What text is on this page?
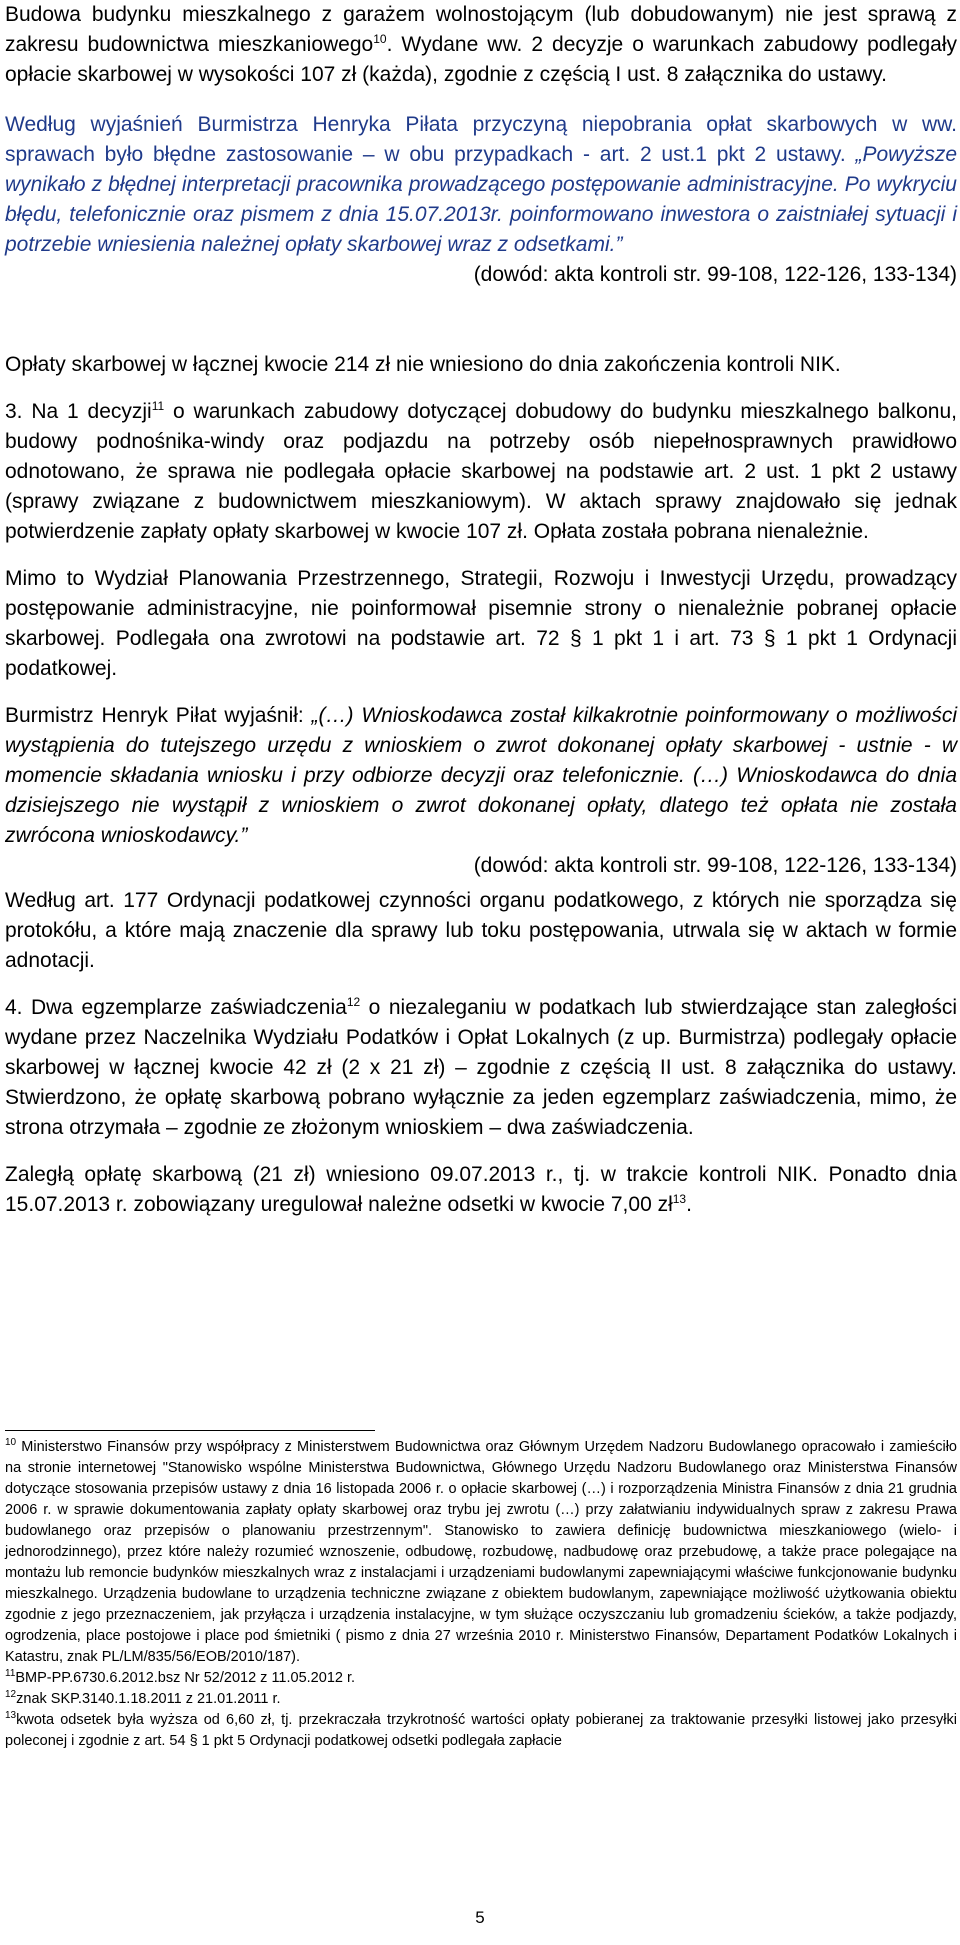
Budowa budynku mieszkalnego z garażem wolnostojącym (lub dobudowanym) nie jest sprawą z zakresu budownictwa mieszkaniowego$^{10}$. Wydane ww. 2 decyzje o warunkach zabudowy podlegały opłacie skarbowej w wysokości 107 zł (każda), zgodnie z częścią I ust. 8 załącznika do ustawy.

Według wyjaśnień Burmistrza Henryka Piłata przyczyną niepobrania opłat skarbowych w ww. sprawach było błędne zastosowanie – w obu przypadkach - art. 2 ust.1 pkt 2 ustawy. „Powyższe wynikało z błędnej interpretacji pracownika prowadzącego postępowanie administracyjne. Po wykryciu błędu, telefonicznie oraz pismem z dnia 15.07.2013r. poinformowano inwestora o zaistniałej sytuacji i potrzebie wniesienia należnej opłaty skarbowej wraz z odsetkami.”
(dowód: akta kontroli str. 99-108, 122-126, 133-134)

Opłaty skarbowej w łącznej kwocie 214 zł nie wniesiono do dnia zakończenia kontroli NIK.

3. Na 1 decyzji$^{11}$ o warunkach zabudowy dotyczącej dobudowy do budynku mieszkalnego balkonu, budowy podnośnika-windy oraz podjazdu na potrzeby osób niepełnosprawnych prawidłowo odnotowano, że sprawa nie podlegała opłacie skarbowej na podstawie art. 2 ust. 1 pkt 2 ustawy (sprawy związane z budownictwem mieszkaniowym). W aktach sprawy znajdowało się jednak potwierdzenie zapłaty opłaty skarbowej w kwocie 107 zł. Opłata została pobrana nienależnie.

Mimo to Wydział Planowania Przestrzennego, Strategii, Rozwoju i Inwestycji Urzędu, prowadzący postępowanie administracyjne, nie poinformował pisemnie strony o nienależnie pobranej opłacie skarbowej. Podlegała ona zwrotowi na podstawie art. 72 § 1 pkt 1 i art. 73 § 1 pkt 1 Ordynacji podatkowej.

Burmistrz Henryk Piłat wyjaśnił: „(…) Wnioskodawca został kilkakrotnie poinformowany o możliwości wystąpienia do tutejszego urzędu z wnioskiem o zwrot dokonanej opłaty skarbowej - ustnie - w momencie składania wniosku i przy odbiorze decyzji oraz telefonicznie. (…) Wnioskodawca do dnia dzisiejszego nie wystąpił z wnioskiem o zwrot dokonanej opłaty, dlatego też opłata nie została zwrócona wnioskodawcy.”
(dowód: akta kontroli str. 99-108, 122-126, 133-134)

Według art. 177 Ordynacji podatkowej czynności organu podatkowego, z których nie sporządza się protokółu, a które mają znaczenie dla sprawy lub toku postępowania, utrwala się w aktach w formie adnotacji.

4. Dwa egzemplarze zaświadczenia$^{12}$ o niezaleganiu w podatkach lub stwierdzające stan zaległości wydane przez Naczelnika Wydziału Podatków i Opłat Lokalnych (z up. Burmistrza) podlegały opłacie skarbowej w łącznej kwocie 42 zł (2 x 21 zł) – zgodnie z częścią II ust. 8 załącznika do ustawy. Stwierdzono, że opłatę skarbową pobrano wyłącznie za jeden egzemplarz zaświadczenia, mimo, że strona otrzymała – zgodnie ze złożonym wnioskiem – dwa zaświadczenia.

Zaległą opłatę skarbową (21 zł) wniesiono 09.07.2013 r., tj. w trakcie kontroli NIK. Ponadto dnia 15.07.2013 r. zobowiązany uregulował należne odsetki w kwocie 7,00 $zł^{13}$.

$^{10}$ Ministerstwo Finansów przy współpracy z Ministerstwem Budownictwa oraz Głównym Urzędem Nadzoru Budowlanego opracowało i zamieściło na stronie internetowej "Stanowisko wspólne Ministerstwa Budownictwa, Głównego Urzędu Nadzoru Budowlanego oraz Ministerstwa Finansów dotyczące stosowania przepisów ustawy z dnia 16 listopada 2006 r. o opłacie skarbowej (…) i rozporządzenia Ministra Finansów z dnia 21 grudnia 2006 r. w sprawie dokumentowania zapłaty opłaty skarbowej oraz trybu jej zwrotu (…) przy załatwianiu indywidualnych spraw z zakresu Prawa budowlanego oraz przepisów o planowaniu przestrzennym". Stanowisko to zawiera definicję budownictwa mieszkaniowego (wielo- i jednorodzinnego), przez które należy rozumieć wznoszenie, odbudowę, rozbudowę, nadbudowę oraz przebudowę, a także prace polegające na montażu lub remoncie budynków mieszkalnych wraz z instalacjami i urządzeniami budowlanymi zapewniającymi właściwe funkcjonowanie budynku mieszkalnego. Urządzenia budowlane to urządzenia techniczne związane z obiektem budowlanym, zapewniające możliwość użytkowania obiektu zgodnie z jego przeznaczeniem, jak przyłącza i urządzenia instalacyjne, w tym służące oczyszczaniu lub gromadzeniu ścieków, a także podjazdy, ogrodzenia, place postojowe i place pod śmietniki ( pismo z dnia 27 września 2010 r. Ministerstwo Finansów, Departament Podatków Lokalnych i Katastru, znak PL/LM/835/56/EOB/2010/187).

$^{11}$BMP-PP.6730.6.2012.bsz Nr 52/2012 z 11.05.2012 r.

$^{12}$znak SKP.3140.1.18.2011 z 21.01.2011 r.

$^{13}$kwota odsetek była wyższa od 6,60 zł, tj. przekraczała trzykrotność wartości opłaty pobieranej za traktowanie przesyłki listowej jako przesyłki poleconej i zgodnie z art. 54 § 1 pkt 5 Ordynacji podatkowej odsetki podlegała zapłacie

5
